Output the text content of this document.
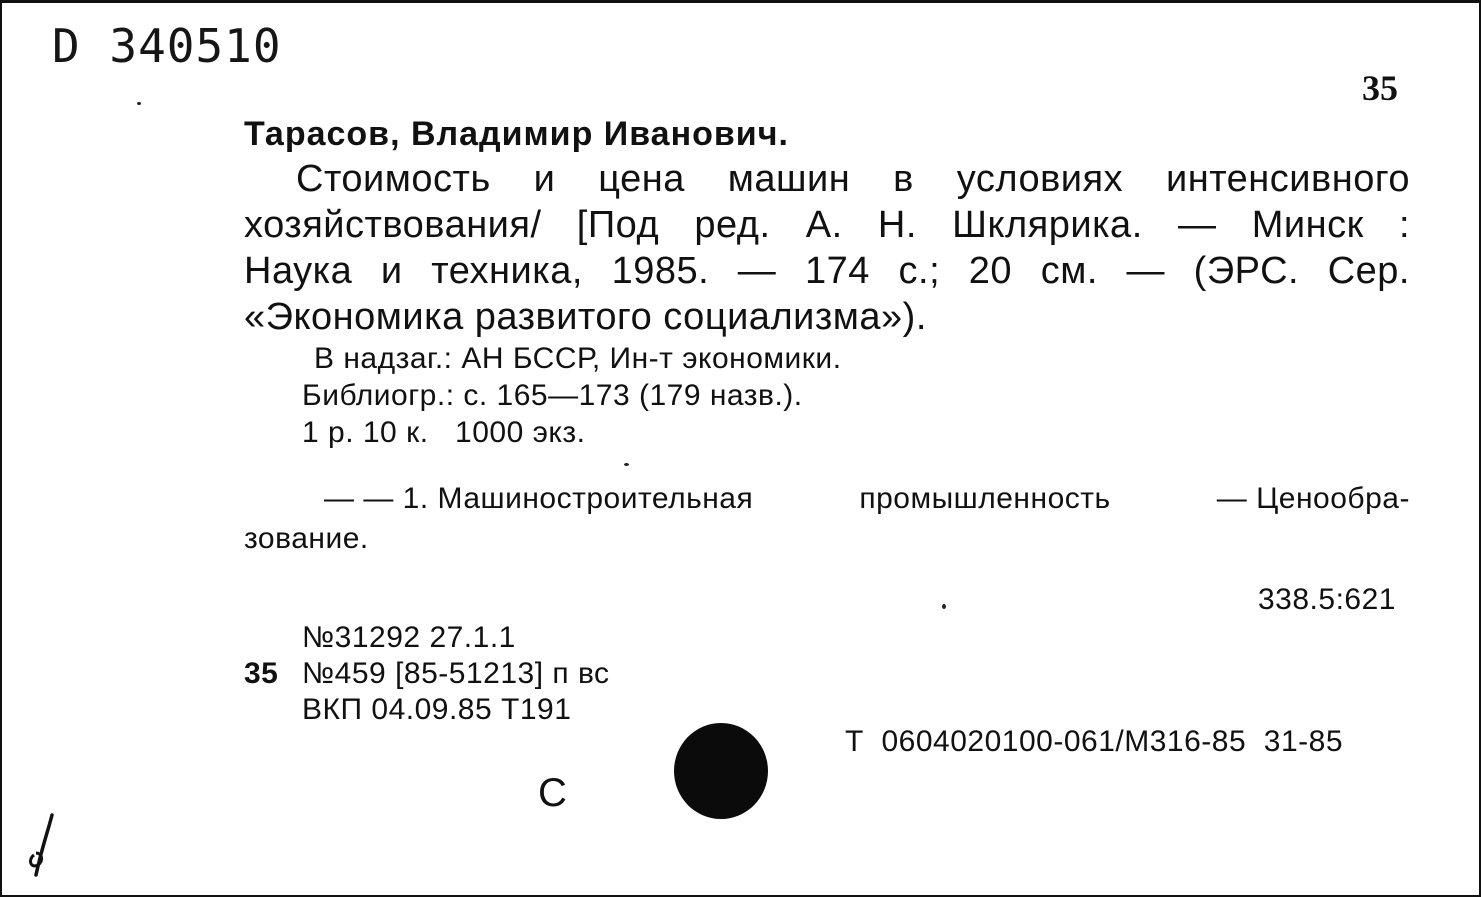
D 340510
35
Тарасов, Владимир Иванович.
Стоимость и цена машин в условиях интенсивного
хозяйствования/ [Под ред. А. Н. Шклярика. — Минск :
Наука и техника, 1985. — 174 с.; 20 см. — (ЭРС. Сер.
«Экономика развитого социализма»).
В надзаг.: АН БССР, Ин-т экономики.
Библиогр.: с. 165—173 (179 назв.).
1 р. 10 к.   1000 экз.
— — 1. Машиностроительная	промышленность	— Ценообра-
зование.
338.5:621
№31292 27.1.1
35 №459 [85-51213] п вс
ВКП 04.09.85 Т191
Т  0604020100-061/М316-85  31-85
С
